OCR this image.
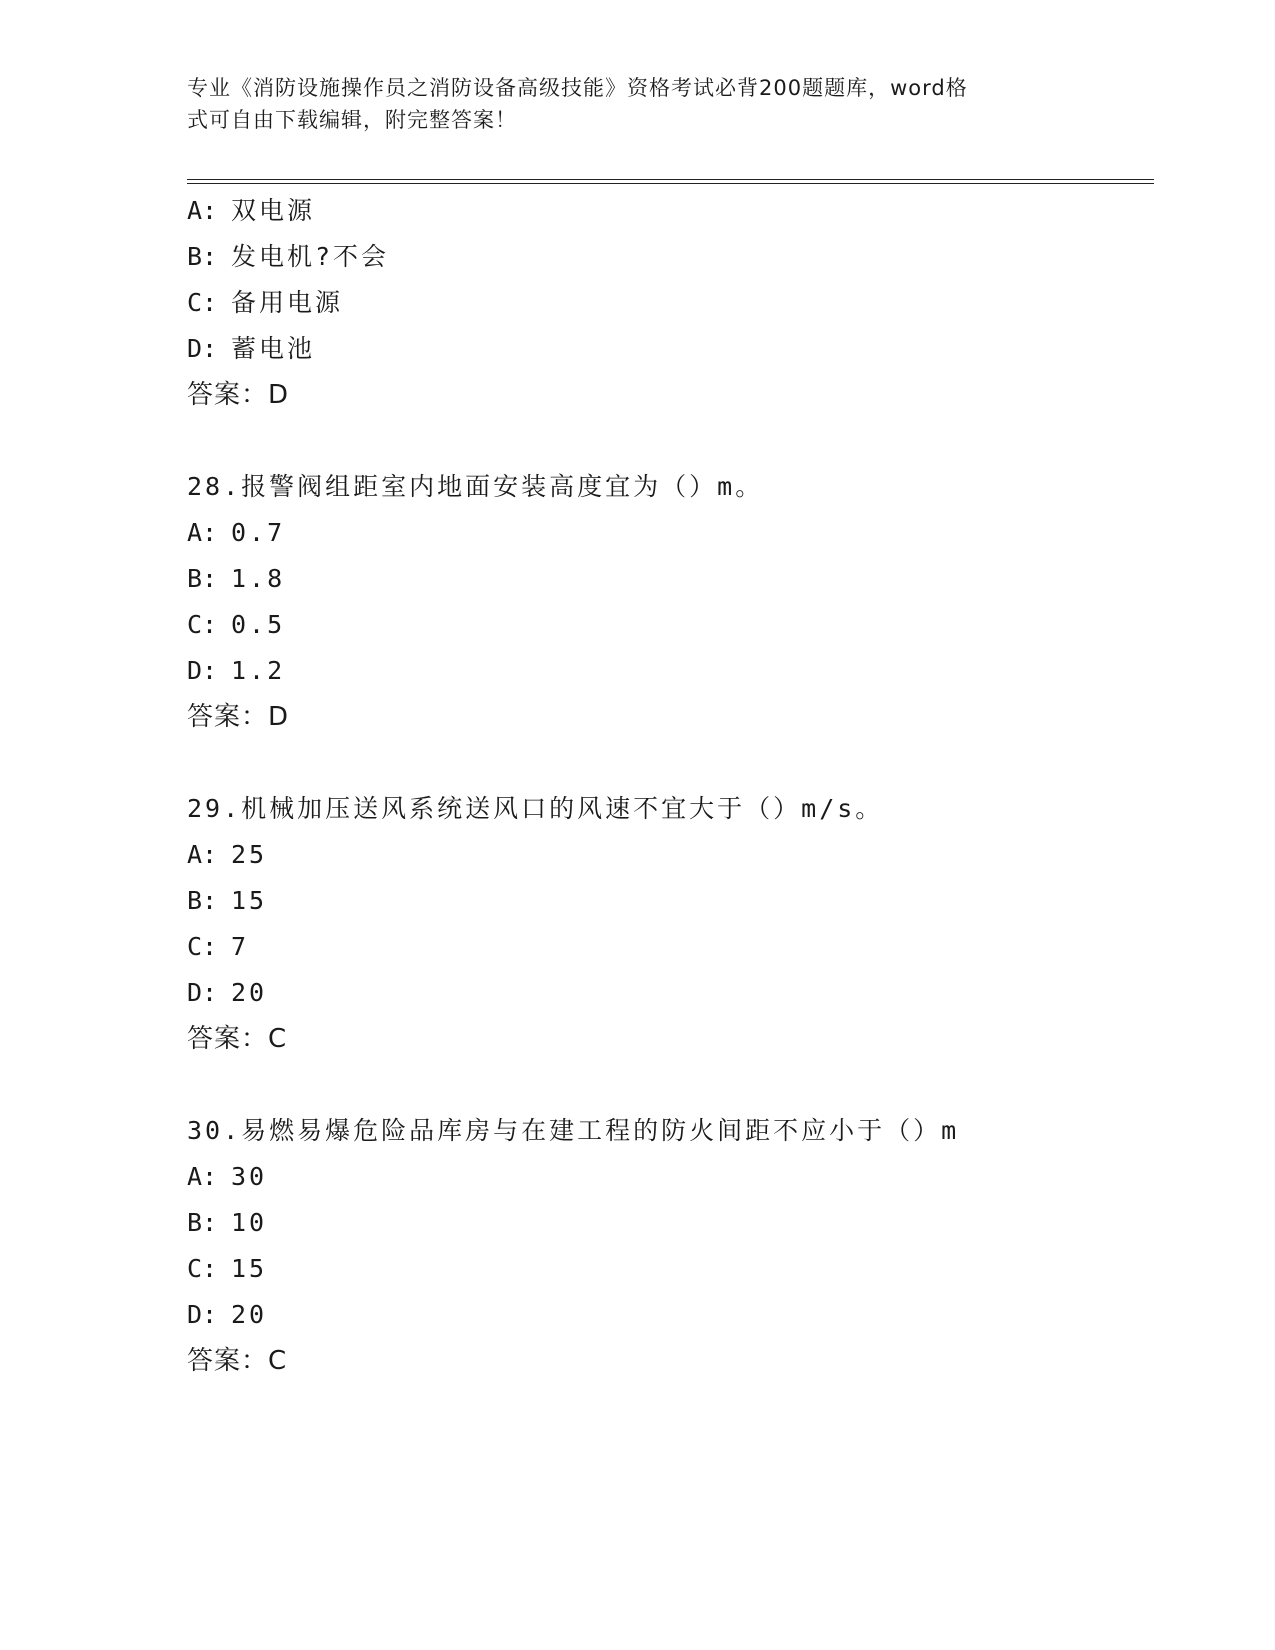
专业《消防设施操作员之消防设备高级技能》资格考试必背200题题库，word格
式可自由下载编辑，附完整答案！
A: 双电源
B: 发电机?不会
C: 备用电源
D: 蓄电池
答案：D
28.报警阀组距室内地面安装高度宜为（）m。
A: 0.7
B: 1.8
C: 0.5
D: 1.2
答案：D
29.机械加压送风系统送风口的风速不宜大于（）m/s。
A: 25
B: 15
C: 7
D: 20
答案：C
30.易燃易爆危险品库房与在建工程的防火间距不应小于（）m
A: 30
B: 10
C: 15
D: 20
答案：C
